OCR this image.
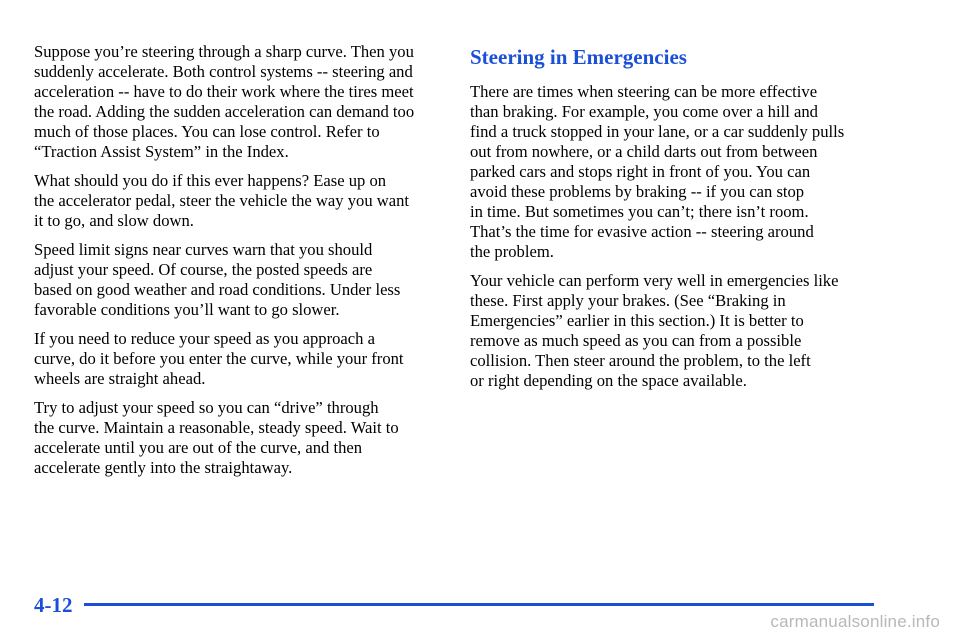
Suppose you’re steering through a sharp curve. Then you
suddenly accelerate. Both control systems -- steering and
acceleration -- have to do their work where the tires meet
the road. Adding the sudden acceleration can demand too
much of those places. You can lose control. Refer to
“Traction Assist System” in the Index.

What should you do if this ever happens? Ease up on
the accelerator pedal, steer the vehicle the way you want
it to go, and slow down.

Speed limit signs near curves warn that you should
adjust your speed. Of course, the posted speeds are
based on good weather and road conditions. Under less
favorable conditions you’ll want to go slower.

If you need to reduce your speed as you approach a
curve, do it before you enter the curve, while your front
wheels are straight ahead.

Try to adjust your speed so you can “drive” through
the curve. Maintain a reasonable, steady speed. Wait to
accelerate until you are out of the curve, and then
accelerate gently into the straightaway.

Steering in Emergencies

There are times when steering can be more effective
than braking. For example, you come over a hill and
find a truck stopped in your lane, or a car suddenly pulls
out from nowhere, or a child darts out from between
parked cars and stops right in front of you. You can
avoid these problems by braking -- if you can stop
in time. But sometimes you can’t; there isn’t room.
That’s the time for evasive action -- steering around
the problem.

Your vehicle can perform very well in emergencies like
these. First apply your brakes. (See “Braking in
Emergencies” earlier in this section.) It is better to
remove as much speed as you can from a possible
collision. Then steer around the problem, to the left
or right depending on the space available.

4-12
carmanualsonline.info
